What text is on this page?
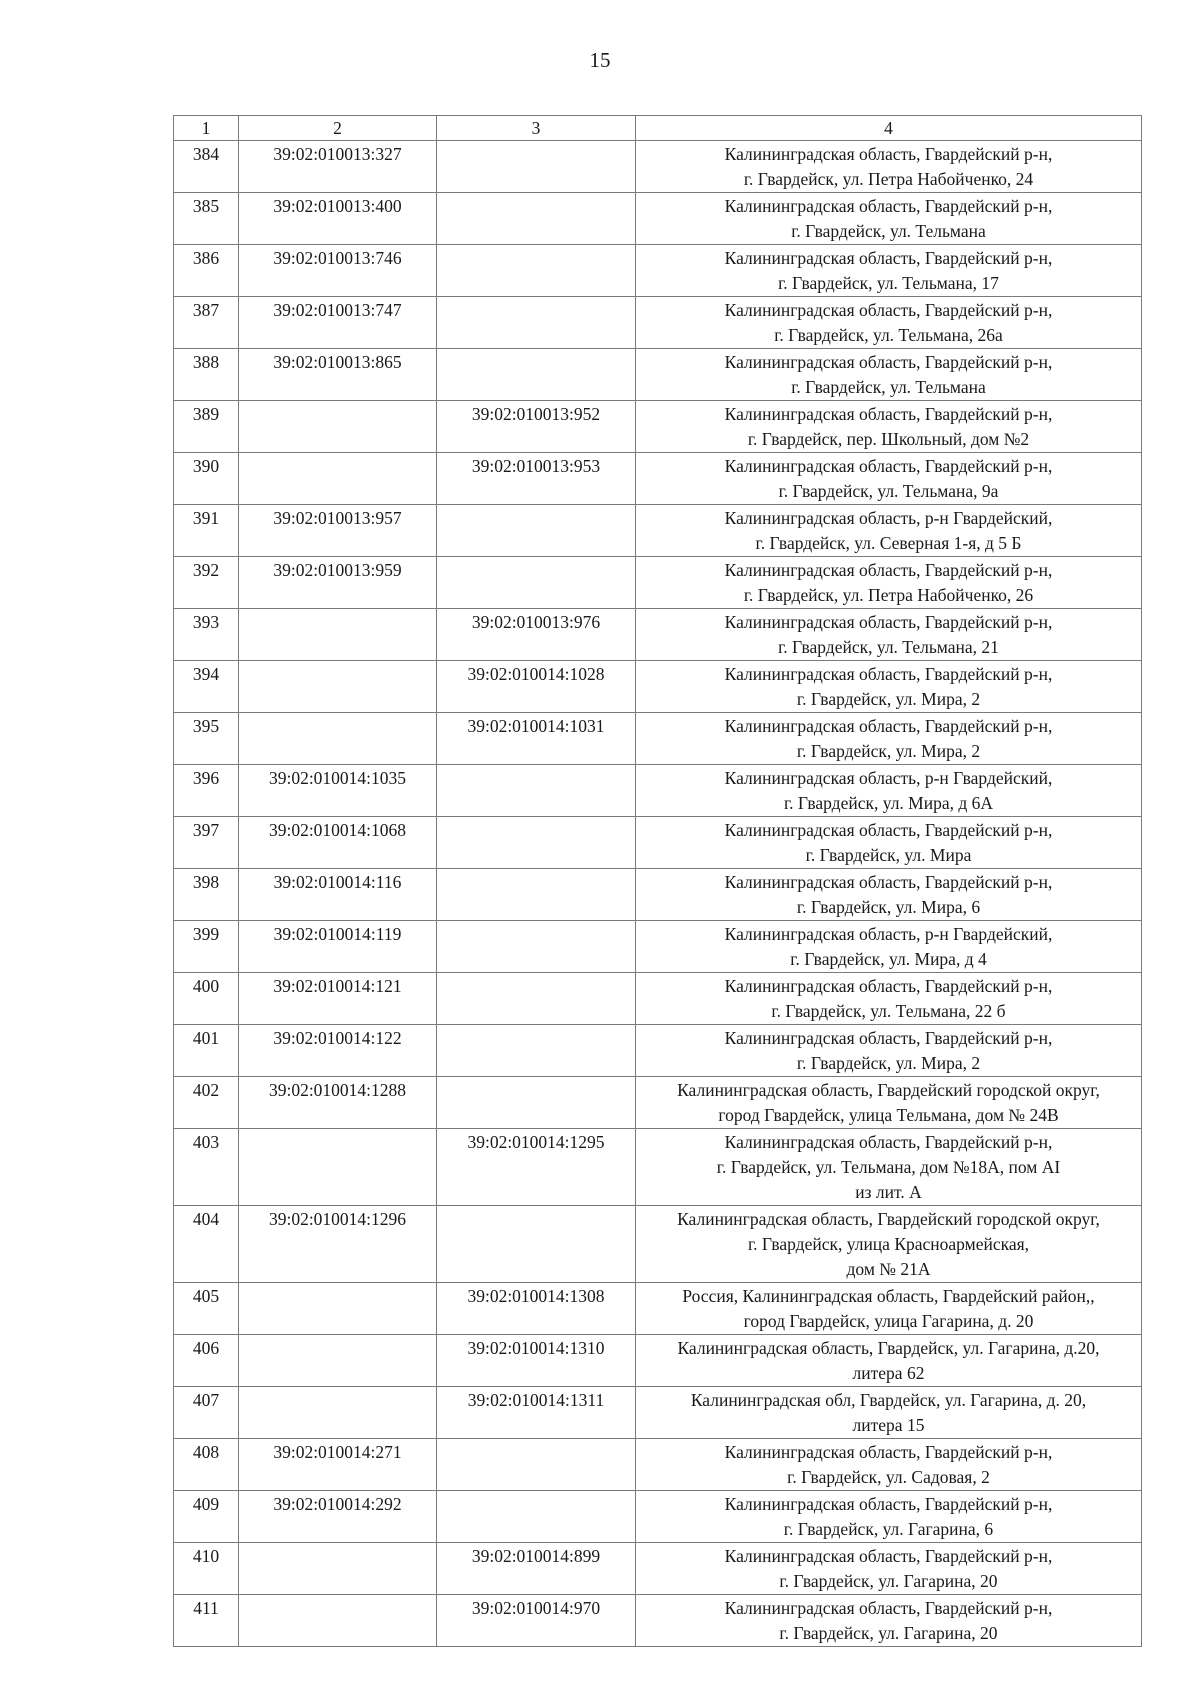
15
1	2	3	4
384	39:02:010013:327		Калининградская область, Гвардейский р-н,
г. Гвардейск, ул. Петра Набойченко, 24

385	39:02:010013:400		Калининградская область, Гвардейский р-н,
г. Гвардейск, ул. Тельмана

386	39:02:010013:746		Калининградская область, Гвардейский р-н,
г. Гвардейск, ул. Тельмана, 17

387	39:02:010013:747		Калининградская область, Гвардейский р-н,
г. Гвардейск, ул. Тельмана, 26а

388	39:02:010013:865		Калининградская область, Гвардейский р-н,
г. Гвардейск, ул. Тельмана

389		39:02:010013:952	Калининградская область, Гвардейский р-н,
г. Гвардейск, пер. Школьный, дом №2

390		39:02:010013:953	Калининградская область, Гвардейский р-н,
г. Гвардейск, ул. Тельмана, 9а

391	39:02:010013:957		Калининградская область, р-н Гвардейский,
г. Гвардейск, ул. Северная 1-я, д 5 Б

392	39:02:010013:959		Калининградская область, Гвардейский р-н,
г. Гвардейск, ул. Петра Набойченко, 26

393		39:02:010013:976	Калининградская область, Гвардейский р-н,
г. Гвардейск, ул. Тельмана, 21

394		39:02:010014:1028	Калининградская область, Гвардейский р-н,
г. Гвардейск, ул. Мира, 2

395		39:02:010014:1031	Калининградская область, Гвардейский р-н,
г. Гвардейск, ул. Мира, 2

396	39:02:010014:1035		Калининградская область, р-н Гвардейский,
г. Гвардейск, ул. Мира, д 6А

397	39:02:010014:1068		Калининградская область, Гвардейский р-н,
г. Гвардейск, ул. Мира

398	39:02:010014:116		Калининградская область, Гвардейский р-н,
г. Гвардейск, ул. Мира, 6

399	39:02:010014:119		Калининградская область, р-н Гвардейский,
г. Гвардейск, ул. Мира, д 4

400	39:02:010014:121		Калининградская область, Гвардейский р-н,
г. Гвардейск, ул. Тельмана, 22 б

401	39:02:010014:122		Калининградская область, Гвардейский р-н,
г. Гвардейск, ул. Мира, 2

402	39:02:010014:1288		Калининградская область, Гвардейский городской округ,
город Гвардейск, улица Тельмана, дом № 24В

403		39:02:010014:1295	Калининградская область, Гвардейский р-н,
г. Гвардейск, ул. Тельмана, дом №18А, пом AI
из лит. А

404	39:02:010014:1296		Калининградская область, Гвардейский городской округ,
г. Гвардейск, улица Красноармейская,
дом № 21А

405		39:02:010014:1308	Россия, Калининградская область, Гвардейский район,,
город Гвардейск, улица Гагарина, д. 20

406		39:02:010014:1310	Калининградская область, Гвардейск, ул. Гагарина, д.20,
литера 62

407		39:02:010014:1311	Калининградская обл, Гвардейск, ул. Гагарина, д. 20,
литера 15

408	39:02:010014:271		Калининградская область, Гвардейский р-н,
г. Гвардейск, ул. Садовая, 2

409	39:02:010014:292		Калининградская область, Гвардейский р-н,
г. Гвардейск, ул. Гагарина, 6

410		39:02:010014:899	Калининградская область, Гвардейский р-н,
г. Гвардейск, ул. Гагарина, 20

411		39:02:010014:970	Калининградская область, Гвардейский р-н,
г. Гвардейск, ул. Гагарина, 20
